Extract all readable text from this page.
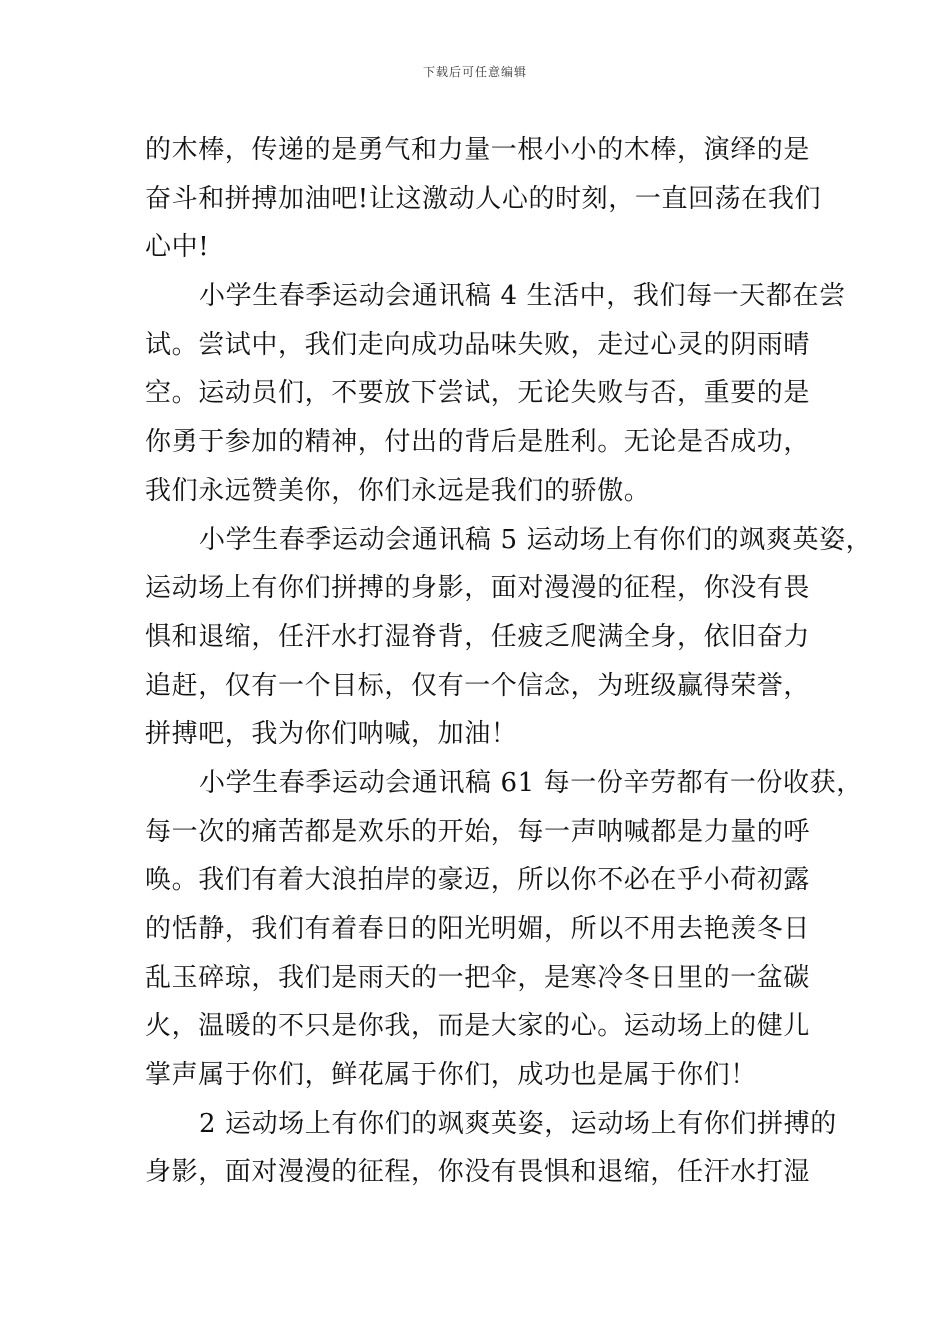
下载后可任意编辑
的木棒，传递的是勇气和力量一根小小的木棒，演绎的是
奋斗和拼搏加油吧!让这激动人心的时刻，一直回荡在我们
心中!
小学生春季运动会通讯稿 4 生活中，我们每一天都在尝
试。尝试中，我们走向成功品味失败，走过心灵的阴雨晴
空。运动员们，不要放下尝试，无论失败与否，重要的是
你勇于参加的精神，付出的背后是胜利。无论是否成功，
我们永远赞美你，你们永远是我们的骄傲。
小学生春季运动会通讯稿 5 运动场上有你们的飒爽英姿，
运动场上有你们拼搏的身影，面对漫漫的征程，你没有畏
惧和退缩，任汗水打湿脊背，任疲乏爬满全身，依旧奋力
追赶，仅有一个目标，仅有一个信念，为班级赢得荣誉，
拼搏吧，我为你们呐喊，加油！
小学生春季运动会通讯稿 61 每一份辛劳都有一份收获，
每一次的痛苦都是欢乐的开始，每一声呐喊都是力量的呼
唤。我们有着大浪拍岸的豪迈，所以你不必在乎小荷初露
的恬静，我们有着春日的阳光明媚，所以不用去艳羡冬日
乱玉碎琼，我们是雨天的一把伞，是寒冷冬日里的一盆碳
火，温暖的不只是你我，而是大家的心。运动场上的健儿
掌声属于你们，鲜花属于你们，成功也是属于你们！
2 运动场上有你们的飒爽英姿，运动场上有你们拼搏的
身影，面对漫漫的征程，你没有畏惧和退缩，任汗水打湿
